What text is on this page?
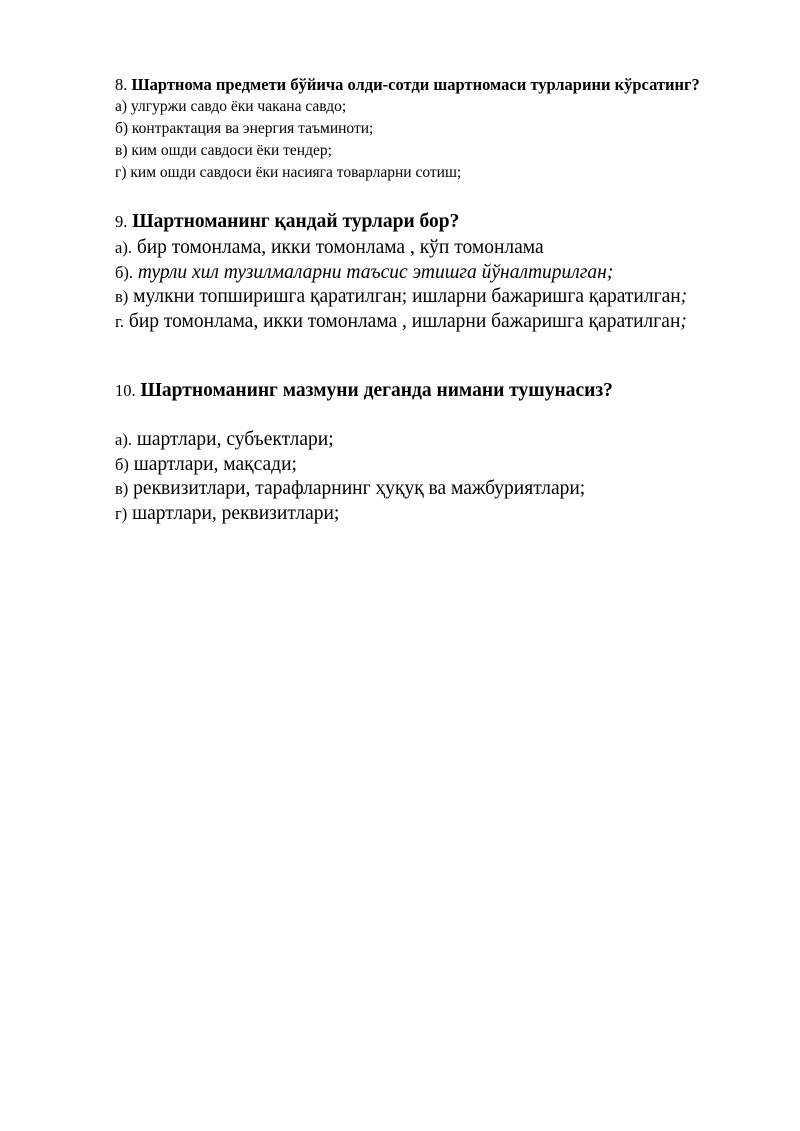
8. Шартнома предмети бўйича олди-сотди шартномаси турларини кўрсатинг?
а) улгуржи савдо ёки чакана савдо;
б) контрактация ва энергия таъминоти;
в) ким ошди савдоси ёки тендер;
г) ким ошди савдоси ёки насияга товарларни сотиш;
9. Шартноманинг қандай турлари бор?
а). бир томонлама, икки томонлама , кўп томонлама
б). турли хил тузилмаларни таъсис этишга йўналтирилган;
в) мулкни топширишга қаратилган; ишларни бажаришга қаратилган;
г. бир томонлама, икки томонлама , ишларни бажаришга қаратилган;
10. Шартноманинг мазмуни деганда нимани тушунасиз?
а). шартлари, субъектлари;
б) шартлари, мақсади;
в) реквизитлари, тарафларнинг ҳуқуқ ва мажбуриятлари;
г) шартлари, реквизитлари;
